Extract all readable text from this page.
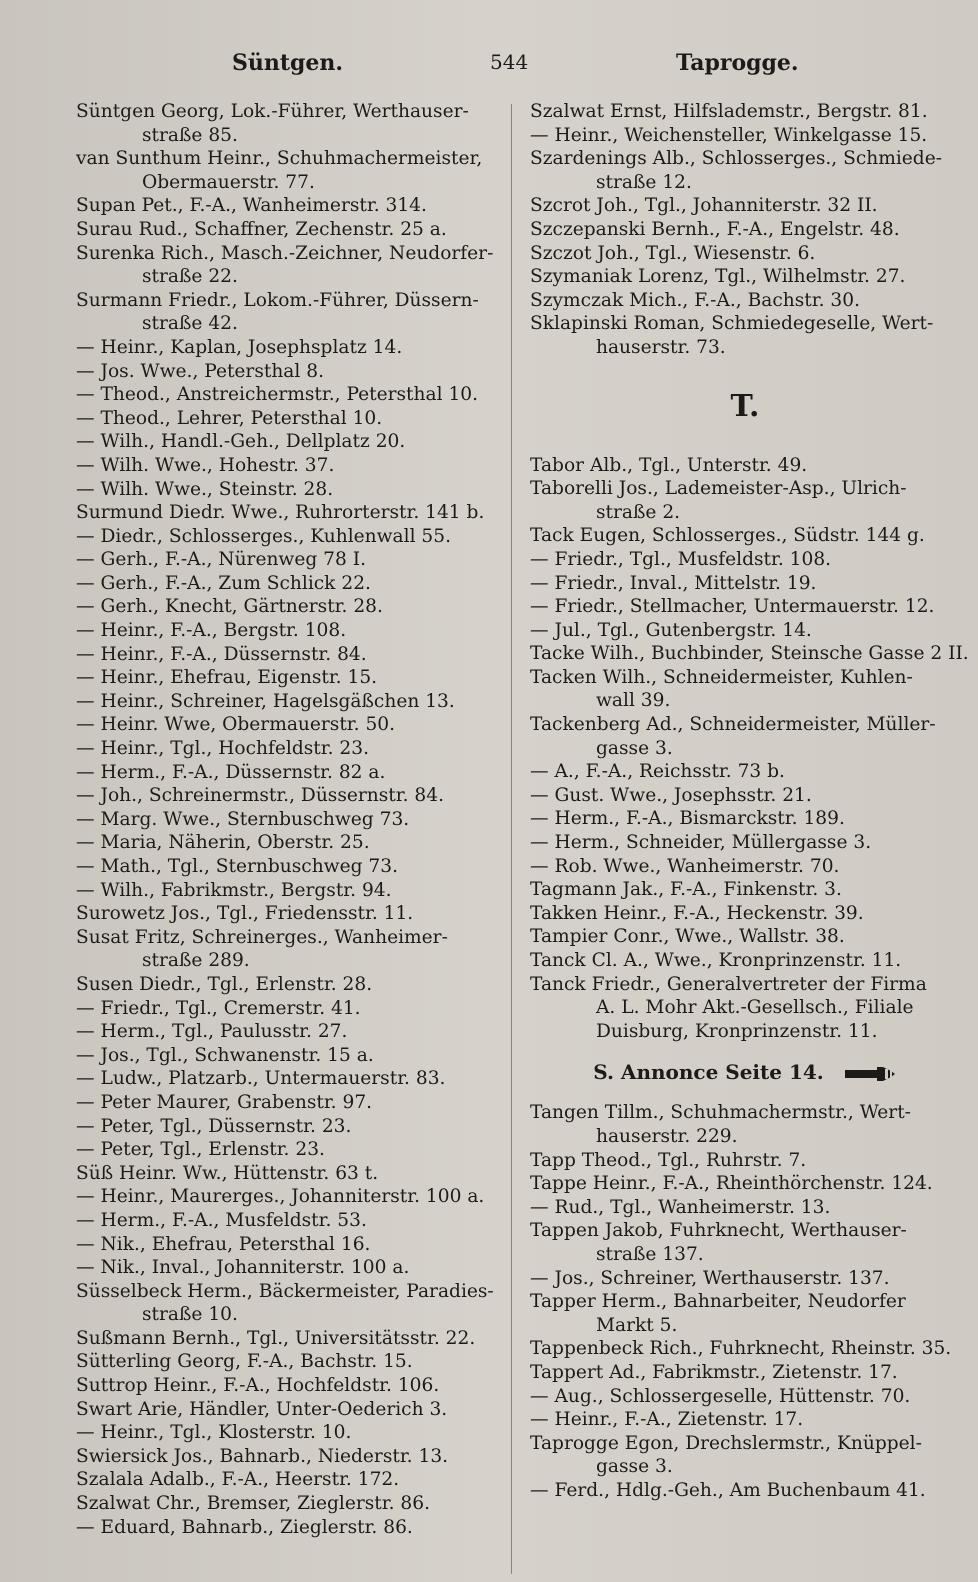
Süntgen.	544	Taprogge.
Süntgen Georg, Lok.-Führer, Werthauser-
straße 85.
van Sunthum Heinr., Schuhmachermeister,
Obermauerstr. 77.
Supan Pet., F.-A., Wanheimerstr. 314.
Surau Rud., Schaffner, Zechenstr. 25 a.
Surenka Rich., Masch.-Zeichner, Neudorfer-
straße 22.
Surmann Friedr., Lokom.-Führer, Düssern-
straße 42.
— Heinr., Kaplan, Josephsplatz 14.
— Jos. Wwe., Petersthal 8.
— Theod., Anstreichermstr., Petersthal 10.
— Theod., Lehrer, Petersthal 10.
— Wilh., Handl.-Geh., Dellplatz 20.
— Wilh. Wwe., Hohestr. 37.
— Wilh. Wwe., Steinstr. 28.
Surmund Diedr. Wwe., Ruhrorterstr. 141 b.
— Diedr., Schlosserges., Kuhlenwall 55.
— Gerh., F.-A., Nürenweg 78 I.
— Gerh., F.-A., Zum Schlick 22.
— Gerh., Knecht, Gärtnerstr. 28.
— Heinr., F.-A., Bergstr. 108.
— Heinr., F.-A., Düssernstr. 84.
— Heinr., Ehefrau, Eigenstr. 15.
— Heinr., Schreiner, Hagelsgäßchen 13.
— Heinr. Wwe, Obermauerstr. 50.
— Heinr., Tgl., Hochfeldstr. 23.
— Herm., F.-A., Düssernstr. 82 a.
— Joh., Schreinermstr., Düssernstr. 84.
— Marg. Wwe., Sternbuschweg 73.
— Maria, Näherin, Oberstr. 25.
— Math., Tgl., Sternbuschweg 73.
— Wilh., Fabrikmstr., Bergstr. 94.
Surowetz Jos., Tgl., Friedensstr. 11.
Susat Fritz, Schreinerges., Wanheimer-
straße 289.
Susen Diedr., Tgl., Erlenstr. 28.
— Friedr., Tgl., Cremerstr. 41.
— Herm., Tgl., Paulusstr. 27.
— Jos., Tgl., Schwanenstr. 15 a.
— Ludw., Platzarb., Untermauerstr. 83.
— Peter Maurer, Grabenstr. 97.
— Peter, Tgl., Düssernstr. 23.
— Peter, Tgl., Erlenstr. 23.
Süß Heinr. Ww., Hüttenstr. 63 t.
— Heinr., Maurerges., Johanniterstr. 100 a.
— Herm., F.-A., Musfeldstr. 53.
— Nik., Ehefrau, Petersthal 16.
— Nik., Inval., Johanniterstr. 100 a.
Süsselbeck Herm., Bäckermeister, Paradies-
straße 10.
Sußmann Bernh., Tgl., Universitätsstr. 22.
Sütterling Georg, F.-A., Bachstr. 15.
Suttrop Heinr., F.-A., Hochfeldstr. 106.
Swart Arie, Händler, Unter-Oederich 3.
— Heinr., Tgl., Klosterstr. 10.
Swiersick Jos., Bahnarb., Niederstr. 13.
Szalala Adalb., F.-A., Heerstr. 172.
Szalwat Chr., Bremser, Zieglerstr. 86.
— Eduard, Bahnarb., Zieglerstr. 86.
Szalwat Ernst, Hilfslademstr., Bergstr. 81.
— Heinr., Weichensteller, Winkelgasse 15.
Szardenings Alb., Schlosserges., Schmiede-
straße 12.
Szcrot Joh., Tgl., Johanniterstr. 32 II.
Szczepanski Bernh., F.-A., Engelstr. 48.
Szczot Joh., Tgl., Wiesenstr. 6.
Szymaniak Lorenz, Tgl., Wilhelmstr. 27.
Szymczak Mich., F.-A., Bachstr. 30.
Sklapinski Roman, Schmiedegeselle, Wert-
hauserstr. 73.
T.
Tabor Alb., Tgl., Unterstr. 49.
Taborelli Jos., Lademeister-Asp., Ulrich-
straße 2.
Tack Eugen, Schlosserges., Südstr. 144 g.
— Friedr., Tgl., Musfeldstr. 108.
— Friedr., Inval., Mittelstr. 19.
— Friedr., Stellmacher, Untermauerstr. 12.
— Jul., Tgl., Gutenbergstr. 14.
Tacke Wilh., Buchbinder, Steinsche Gasse 2 II.
Tacken Wilh., Schneidermeister, Kuhlen-
wall 39.
Tackenberg Ad., Schneidermeister, Müller-
gasse 3.
— A., F.-A., Reichsstr. 73 b.
— Gust. Wwe., Josephsstr. 21.
— Herm., F.-A., Bismarckstr. 189.
— Herm., Schneider, Müllergasse 3.
— Rob. Wwe., Wanheimerstr. 70.
Tagmann Jak., F.-A., Finkenstr. 3.
Takken Heinr., F.-A., Heckenstr. 39.
Tampier Conr., Wwe., Wallstr. 38.
Tanck Cl. A., Wwe., Kronprinzenstr. 11.
Tanck Friedr., Generalvertreter der Firma
A. L. Mohr Akt.-Gesellsch., Filiale
Duisburg, Kronprinzenstr. 11.
S. Annonce Seite 14.
Tangen Tillm., Schuhmachermstr., Wert-
hauserstr. 229.
Tapp Theod., Tgl., Ruhrstr. 7.
Tappe Heinr., F.-A., Rheinthörchenstr. 124.
— Rud., Tgl., Wanheimerstr. 13.
Tappen Jakob, Fuhrknecht, Werthauser-
straße 137.
— Jos., Schreiner, Werthauserstr. 137.
Tapper Herm., Bahnarbeiter, Neudorfer
Markt 5.
Tappenbeck Rich., Fuhrknecht, Rheinstr. 35.
Tappert Ad., Fabrikmstr., Zietenstr. 17.
— Aug., Schlossergeselle, Hüttenstr. 70.
— Heinr., F.-A., Zietenstr. 17.
Taprogge Egon, Drechslermstr., Knüppel-
gasse 3.
— Ferd., Hdlg.-Geh., Am Buchenbaum 41.
